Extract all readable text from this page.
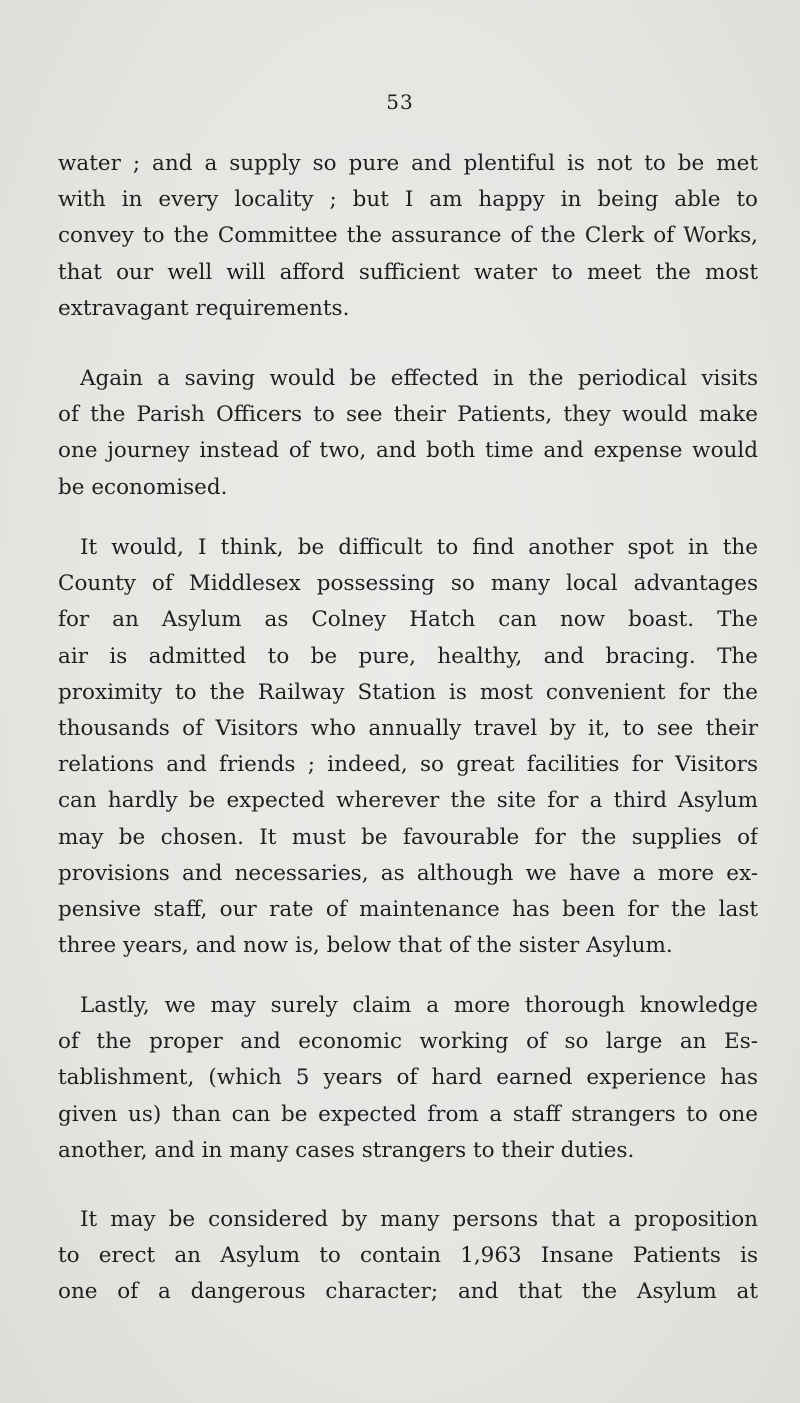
53
water ; and a supply so pure and plentiful is not to be met
with in every locality ; but I am happy in being able to
convey to the Committee the assurance of the Clerk of Works,
that our well will afford sufficient water to meet the most
extravagant requirements.
Again a saving would be effected in the periodical visits
of the Parish Officers to see their Patients, they would make
one journey instead of two, and both time and expense would
be economised.
It would, I think, be difficult to find another spot in the
County of Middlesex possessing so many local advantages
for an Asylum as Colney Hatch can now boast. The
air is admitted to be pure, healthy, and bracing. The
proximity to the Railway Station is most convenient for the
thousands of Visitors who annually travel by it, to see their
relations and friends ; indeed, so great facilities for Visitors
can hardly be expected wherever the site for a third Asylum
may be chosen. It must be favourable for the supplies of
provisions and necessaries, as although we have a more ex-
pensive staff, our rate of maintenance has been for the last
three years, and now is, below that of the sister Asylum.
Lastly, we may surely claim a more thorough knowledge
of the proper and economic working of so large an Es-
tablishment, (which 5 years of hard earned experience has
given us) than can be expected from a staff strangers to one
another, and in many cases strangers to their duties.
It may be considered by many persons that a proposition
to erect an Asylum to contain 1,963 Insane Patients is
one of a dangerous character; and that the Asylum at
